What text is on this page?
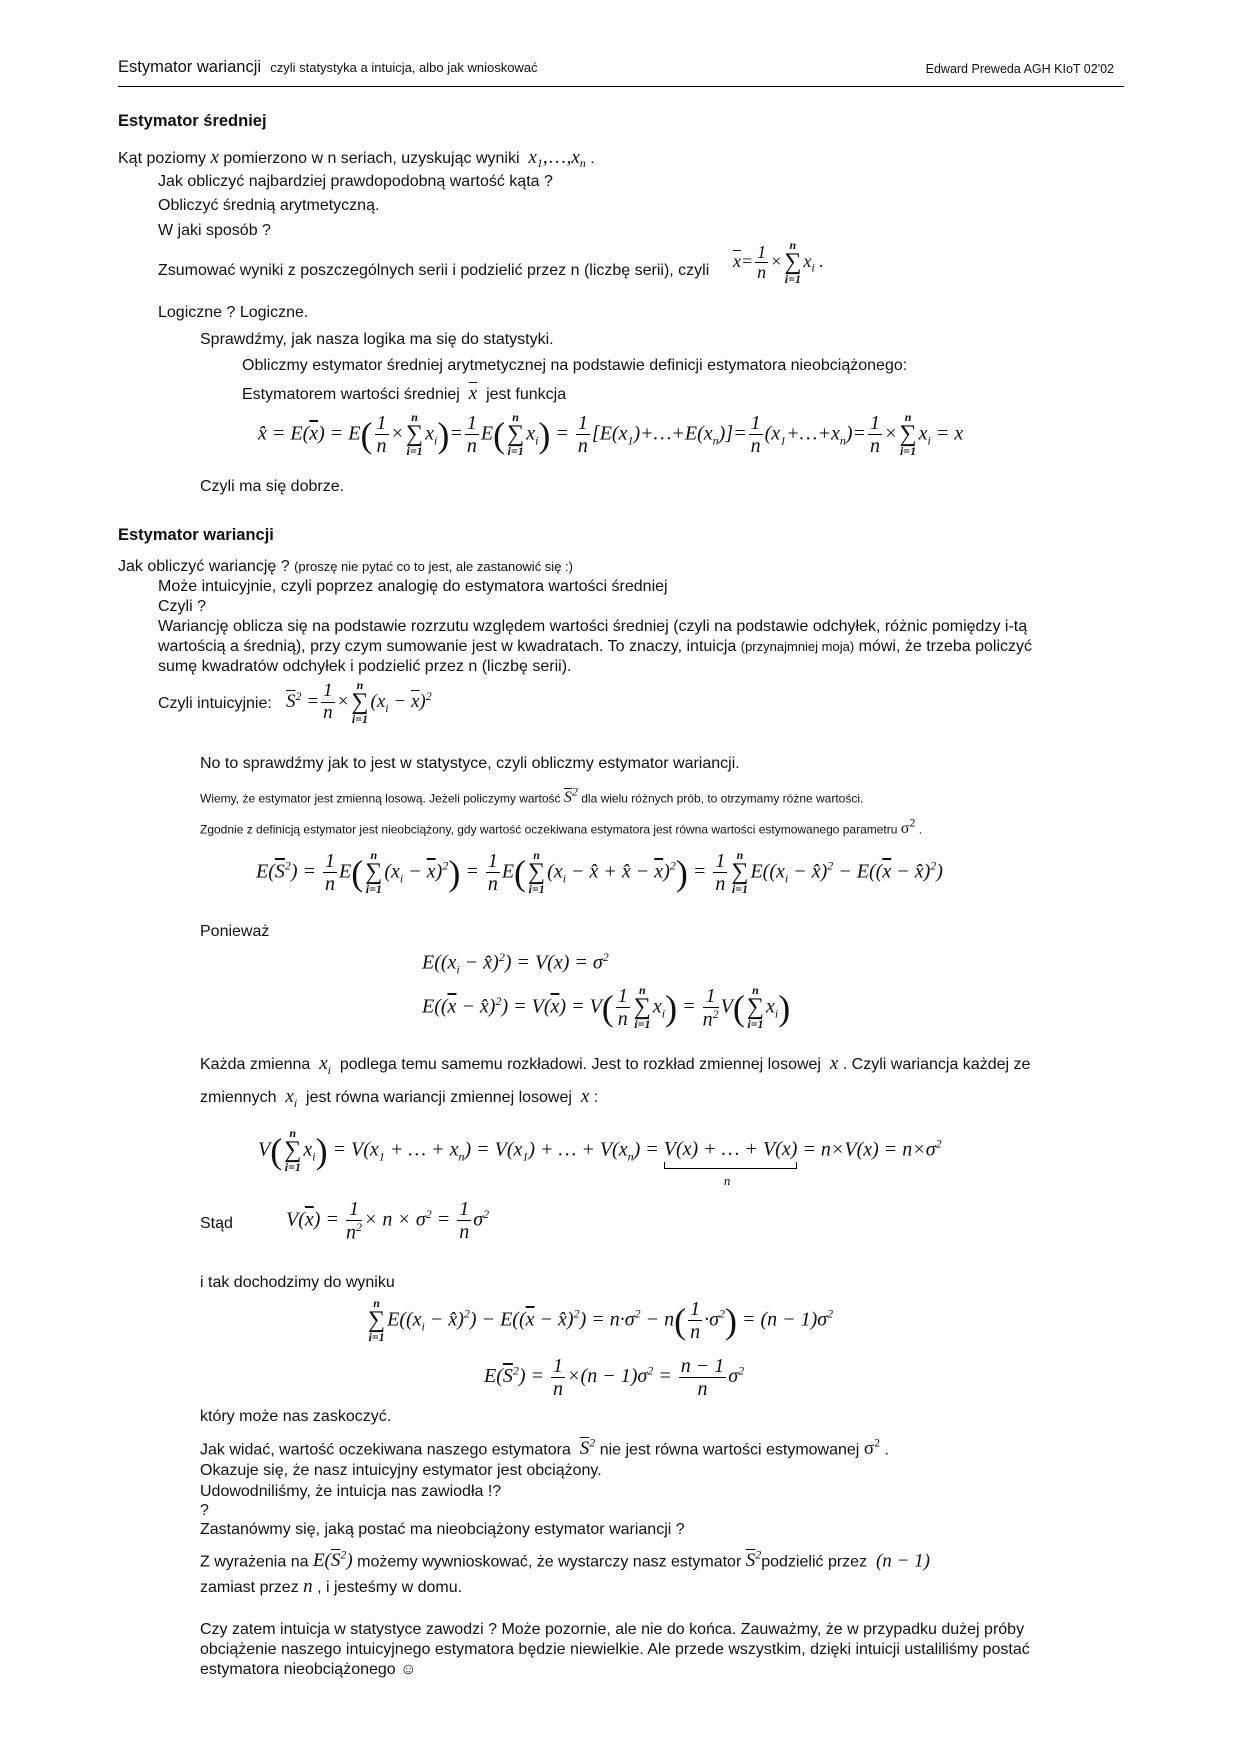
Estymator wariancji czyli statystyka a intuicja, albo jak wnioskować	Edward Preweda AGH KIoT 02'02
Estymator średniej
Kąt poziomy x pomierzono w n seriach, uzyskując wyniki $x_1,\dots,x_n$ .
Jak obliczyć najbardziej prawdopodobną wartość kąta ?
Obliczyć średnią arytmetyczną.
W jaki sposób ?
Zsumować wyniki z poszczególnych serii i podzielić przez n (liczbę serii), czyli $\overline{x}= \frac{1}{n}$ ×
n
∑
i=1
$x_i$ .
Logiczne ? Logiczne.
Sprawdźmy, jak nasza logika ma się do statystyki.
Obliczmy estymator średniej arytmetycznej na podstawie definicji estymatora nieobciążonego:
Estymatorem wartości średniej $\overline{x}$ jest funkcja
x̂ = $E(\overline{x}) = E( \frac{1}{n}$ ×
n
∑
i=1
$x_i)= \frac{1}{n} E$( n
∑
i=1
$x_i) = \frac{1}{n}$ $[E(x_1)+\dots+E(x_n)]= \frac{1}{n}$ $(x_1+\dots+x_n)= \frac{1}{n}$ ×
n
∑
i=1
$x_i = x$
Czyli ma się dobrze.
Estymator wariancji
Jak obliczyć wariancję ? (proszę nie pytać co to jest, ale zastanowić się :)
Może intuicyjnie, czyli poprzez analogię do estymatora wartości średniej
Czyli ?
Wariancję oblicza się na podstawie rozrzutu względem wartości średniej (czyli na podstawie odchyłek, różnic pomiędzy i-tą
wartością a średnią), przy czym sumowanie jest w kwadratach. To znaczy, intuicja (przynajmniej moja) mówi, że trzeba policzyć
sumę kwadratów odchyłek i podzielić przez n (liczbę serii).
Czyli intuicyjnie: $\overline{S}^2 = \frac{1}{n}$ ×
n
∑
i=1
$(x_i - \overline{x})^2$
No to sprawdźmy jak to jest w statystyce, czyli obliczmy estymator wariancji.
Wiemy, że estymator jest zmienną losową. Jeżeli policzymy wartość $\overline{S}^2$ dla wielu różnych prób, to otrzymamy różne wartości.
Zgodnie z definicją estymator jest nieobciążony, gdy wartość oczekiwana estymatora jest równa wartości estymowanego parametru $\sigma^2$ .
$E(\overline{S}^2) = \frac{1}{n} E$( n
∑
i=1
$(x_i - \overline{x})^2) = \frac{1}{n} E$( n
∑
i=1
($x_i$ − x̂ + x̂ − $\overline{x})^2) = \frac{1}{n}$ n
∑
i=1
$E((x_i$ − x̂)$^2$ − $E((\overline{x}$ − x̂)$^2$)
Ponieważ
$E((x_i$ − x̂)$^2$) = $V(x) = \sigma^2$
$E((\overline{x}$ − x̂)$^2$) = $V(\overline{x}) = V( \frac{1}{n}$ n
∑
i=1
$x_i) = \frac{1}{n^2} V$( n
∑
i=1
$x_i$)
Każda zmienna $x_i$ podlega temu samemu rozkładowi. Jest to rozkład zmiennej losowej x . Czyli wariancja każdej ze
zmiennych $x_i$ jest równa wariancji zmiennej losowej x :
V( n
∑
i=1
$x_i) = V(x_1$ + … + $x_n) = V(x_1)$ + … + $V(x_n) = V(x)$ + … + V(x)
n
= $n\times V(x) = n\times\sigma^2$
Stąd	$V(\overline{x}) = \frac{1}{n^2} \times n \times \sigma^2 = \frac{1}{n} \sigma^2$
i tak dochodzimy do wyniku
n
∑
i=1
$E((x_i$ − x̂)$^2$) − $E((\overline{x}$ − x̂)$^2$) = $n\cdot\sigma^2 - n( \frac{1}{n} \cdot\sigma^2) = (n - 1)\sigma^2$
$E(\overline{S}^2) = \frac{1}{n} \times(n - 1)\sigma^2 = \frac{n - 1}{n} \sigma^2$
który może nas zaskoczyć.
Jak widać, wartość oczekiwana naszego estymatora $\overline{S}^2$ nie jest równa wartości estymowanej $\sigma^2$ .
Okazuje się, że nasz intuicyjny estymator jest obciążony.
Udowodniliśmy, że intuicja nas zawiodła !?
?
Zastanówmy się, jaką postać ma nieobciążony estymator wariancji ?
Z wyrażenia na $E(\overline{S}^2)$ możemy wywnioskować, że wystarczy nasz estymator $\overline{S}^2podzielić$ przez (n − 1)
zamiast przez n , i jesteśmy w domu.
Czy zatem intuicja w statystyce zawodzi ? Może pozornie, ale nie do końca. Zauważmy, że w przypadku dużej próby
obciążenie naszego intuicyjnego estymatora będzie niewielkie. Ale przede wszystkim, dzięki intuicji ustaliliśmy postać
estymatora nieobciążonego ☺
